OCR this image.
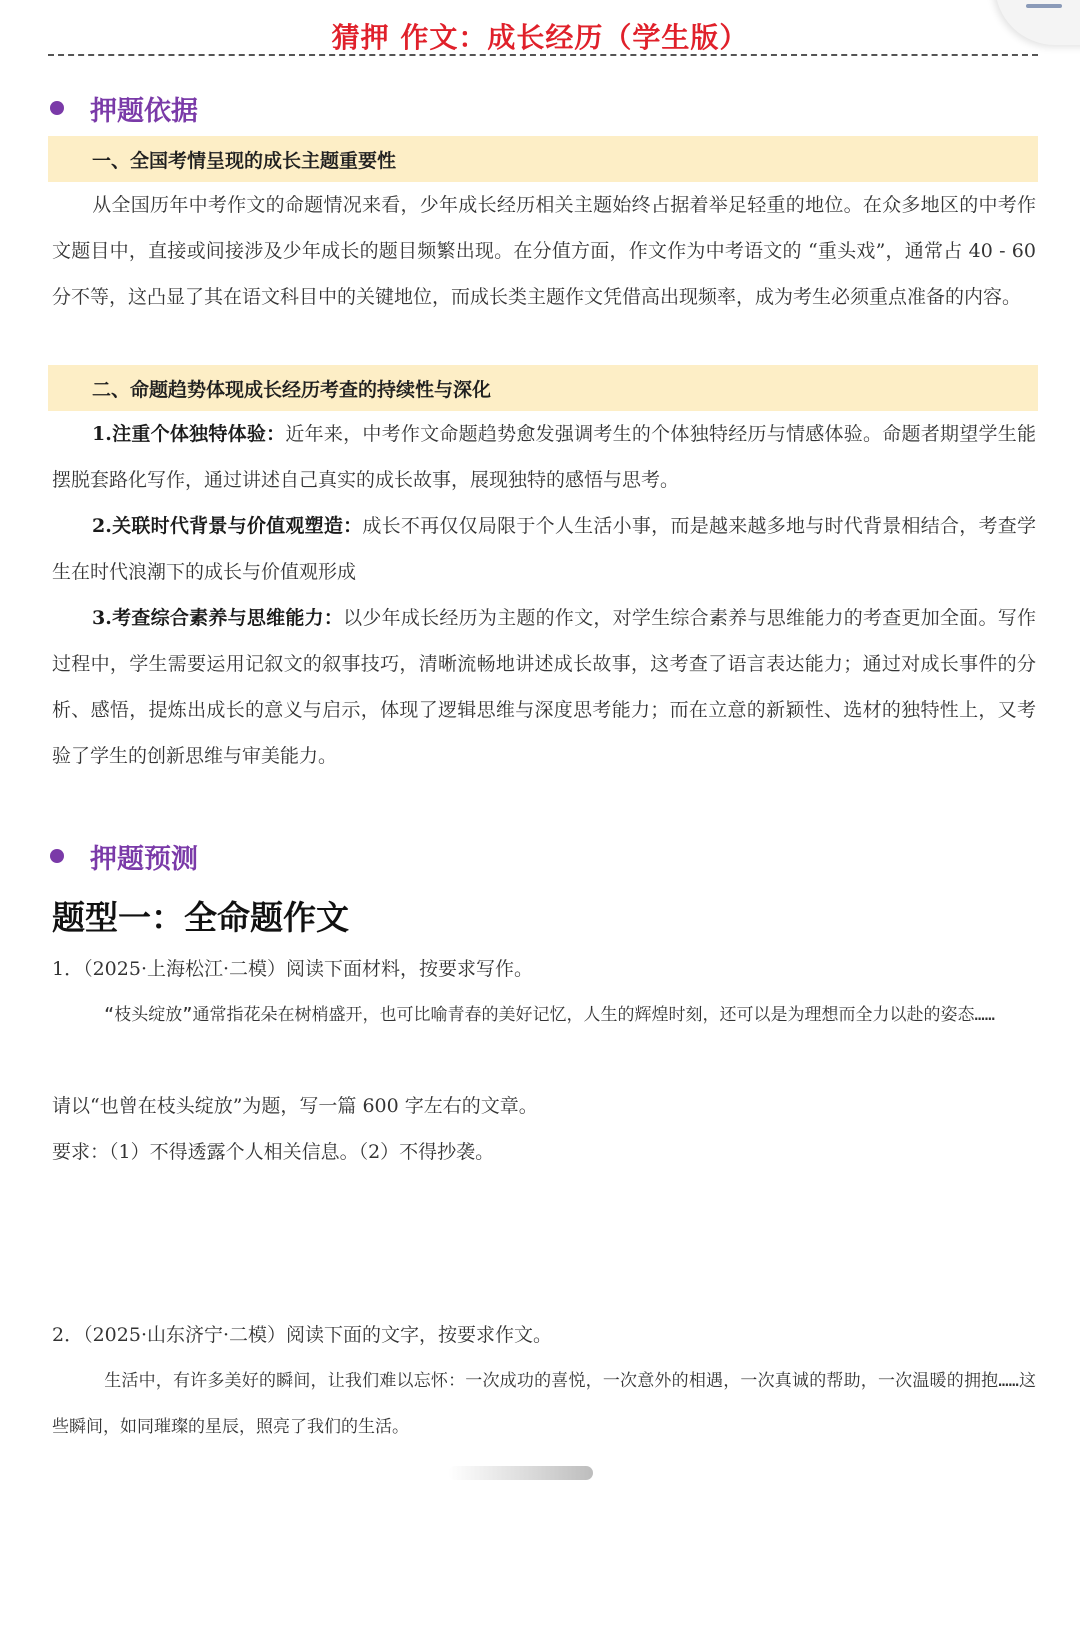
猜押 作文：成长经历（学生版）
押题依据
一、全国考情呈现的成长主题重要性
从全国历年中考作文的命题情况来看，少年成长经历相关主题始终占据着举足轻重的地位。在众多地区的中考作文题目中，直接或间接涉及少年成长的题目频繁出现。在分值方面，作文作为中考语文的 “重头戏”，通常占 40 - 60 分不等，这凸显了其在语文科目中的关键地位，而成长类主题作文凭借高出现频率，成为考生必须重点准备的内容。
二、命题趋势体现成长经历考查的持续性与深化
1.注重个体独特体验：近年来，中考作文命题趋势愈发强调考生的个体独特经历与情感体验。命题者期望学生能摆脱套路化写作，通过讲述自己真实的成长故事，展现独特的感悟与思考。
2.关联时代背景与价值观塑造：成长不再仅仅局限于个人生活小事，而是越来越多地与时代背景相结合，考查学生在时代浪潮下的成长与价值观形成
3.考查综合素养与思维能力：以少年成长经历为主题的作文，对学生综合素养与思维能力的考查更加全面。写作过程中，学生需要运用记叙文的叙事技巧，清晰流畅地讲述成长故事，这考查了语言表达能力；通过对成长事件的分析、感悟，提炼出成长的意义与启示，体现了逻辑思维与深度思考能力；而在立意的新颖性、选材的独特性上，又考验了学生的创新思维与审美能力。
押题预测
题型一：全命题作文
1．（2025·上海松江·二模）阅读下面材料，按要求写作。
“枝头绽放”通常指花朵在树梢盛开，也可比喻青春的美好记忆，人生的辉煌时刻，还可以是为理想而全力以赴的姿态……
请以“也曾在枝头绽放”为题，写一篇 600 字左右的文章。
要求：（1）不得透露个人相关信息。（2）不得抄袭。
2．（2025·山东济宁·二模）阅读下面的文字，按要求作文。
生活中，有许多美好的瞬间，让我们难以忘怀：一次成功的喜悦，一次意外的相遇，一次真诚的帮助，一次温暖的拥抱……这些瞬间，如同璀璨的星辰，照亮了我们的生活。
